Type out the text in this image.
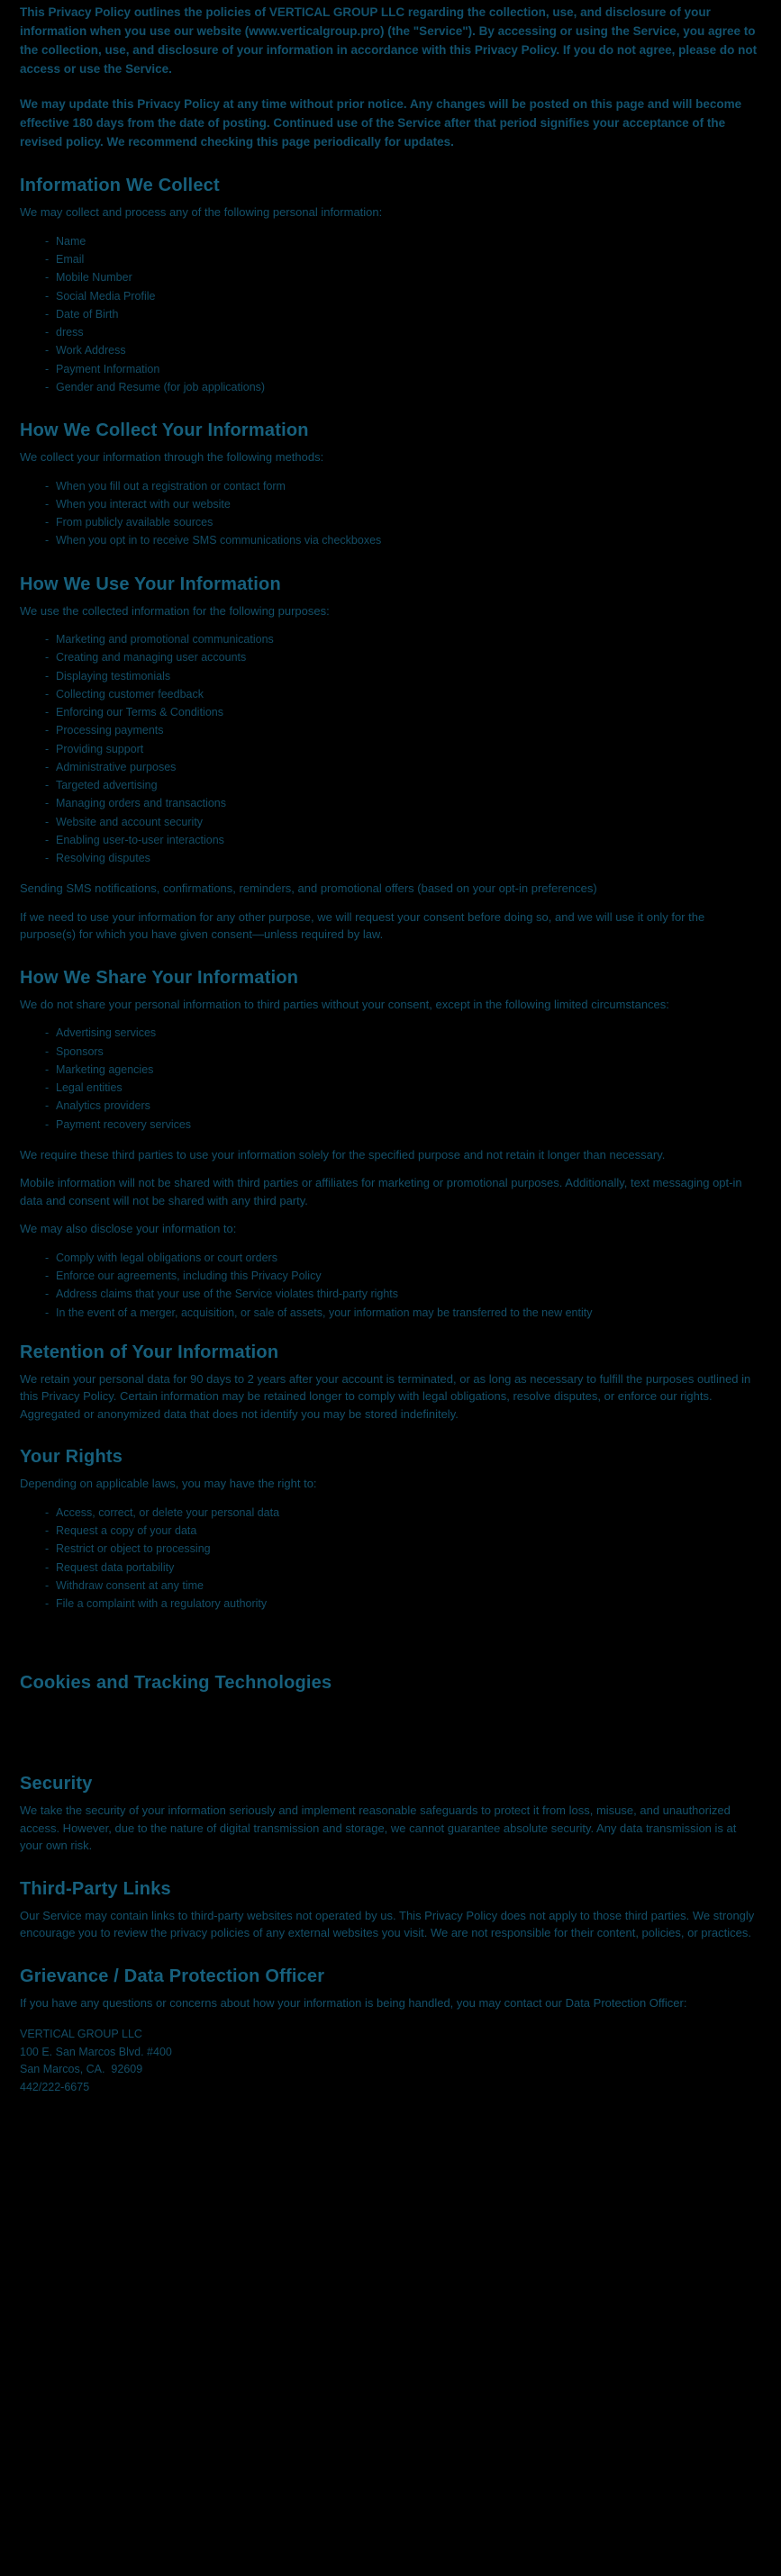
This Privacy Policy outlines the policies of VERTICAL GROUP LLC regarding the collection, use, and disclosure of your information when you use our website (www.verticalgroup.pro) (the "Service"). By accessing or using the Service, you agree to the collection, use, and disclosure of your information in accordance with this Privacy Policy. If you do not agree, please do not access or use the Service.

We may update this Privacy Policy at any time without prior notice. Any changes will be posted on this page and will become effective 180 days from the date of posting. Continued use of the Service after that period signifies your acceptance of the revised policy. We recommend checking this page periodically for updates.

Information We Collect

We may collect and process any of the following personal information:

- Name
- Email
- Mobile Number
- Social Media Profile
- Date of Birth
- dress
- Work Address
- Payment Information
- Gender and Resume (for job applications)
How We Collect Your Information

We collect your information through the following methods:

- When you fill out a registration or contact form
- When you interact with our website
- From publicly available sources
- When you opt in to receive SMS communications via checkboxes
How We Use Your Information

We use the collected information for the following purposes:

- Marketing and promotional communications
- Creating and managing user accounts
- Displaying testimonials
- Collecting customer feedback
- Enforcing our Terms & Conditions
- Processing payments
- Providing support
- Administrative purposes
- Targeted advertising
- Managing orders and transactions
- Website and account security
- Enabling user-to-user interactions
- Resolving disputes

Sending SMS notifications, confirmations, reminders, and promotional offers (based on your opt-in preferences)

If we need to use your information for any other purpose, we will request your consent before doing so, and we will use it only for the purpose(s) for which you have given consent—unless required by law.

How We Share Your Information

We do not share your personal information to third parties without your consent, except in the following limited circumstances:

- Advertising services
- Sponsors
- Marketing agencies
- Legal entities
- Analytics providers
- Payment recovery services

We require these third parties to use your information solely for the specified purpose and not retain it longer than necessary.

Mobile information will not be shared with third parties or affiliates for marketing or promotional purposes. Additionally, text messaging opt-in data and consent will not be shared with any third party.

We may also disclose your information to:

- Comply with legal obligations or court orders
- Enforce our agreements, including this Privacy Policy
- Address claims that your use of the Service violates third-party rights
- In the event of a merger, acquisition, or sale of assets, your information may be transferred to the new entity
Retention of Your Information

We retain your personal data for 90 days to 2 years after your account is terminated, or as long as necessary to fulfill the purposes outlined in this Privacy Policy. Certain information may be retained longer to comply with legal obligations, resolve disputes, or enforce our rights. Aggregated or anonymized data that does not identify you may be stored indefinitely.

Your Rights

Depending on applicable laws, you may have the right to:

- Access, correct, or delete your personal data
- Request a copy of your data
- Restrict or object to processing
- Request data portability
- Withdraw consent at any time
- File a complaint with a regulatory authority
Cookies and Tracking Technologies
Security

We take the security of your information seriously and implement reasonable safeguards to protect it from loss, misuse, and unauthorized access. However, due to the nature of digital transmission and storage, we cannot guarantee absolute security. Any data transmission is at your own risk.

Third-Party Links

Our Service may contain links to third-party websites not operated by us. This Privacy Policy does not apply to those third parties. We strongly encourage you to review the privacy policies of any external websites you visit. We are not responsible for their content, policies, or practices.

Grievance / Data Protection Officer

If you have any questions or concerns about how your information is being handled, you may contact our Data Protection Officer:

VERTICAL GROUP LLC
100 E. San Marcos Blvd. #400
San Marcos, CA.  92609
442/222-6675
